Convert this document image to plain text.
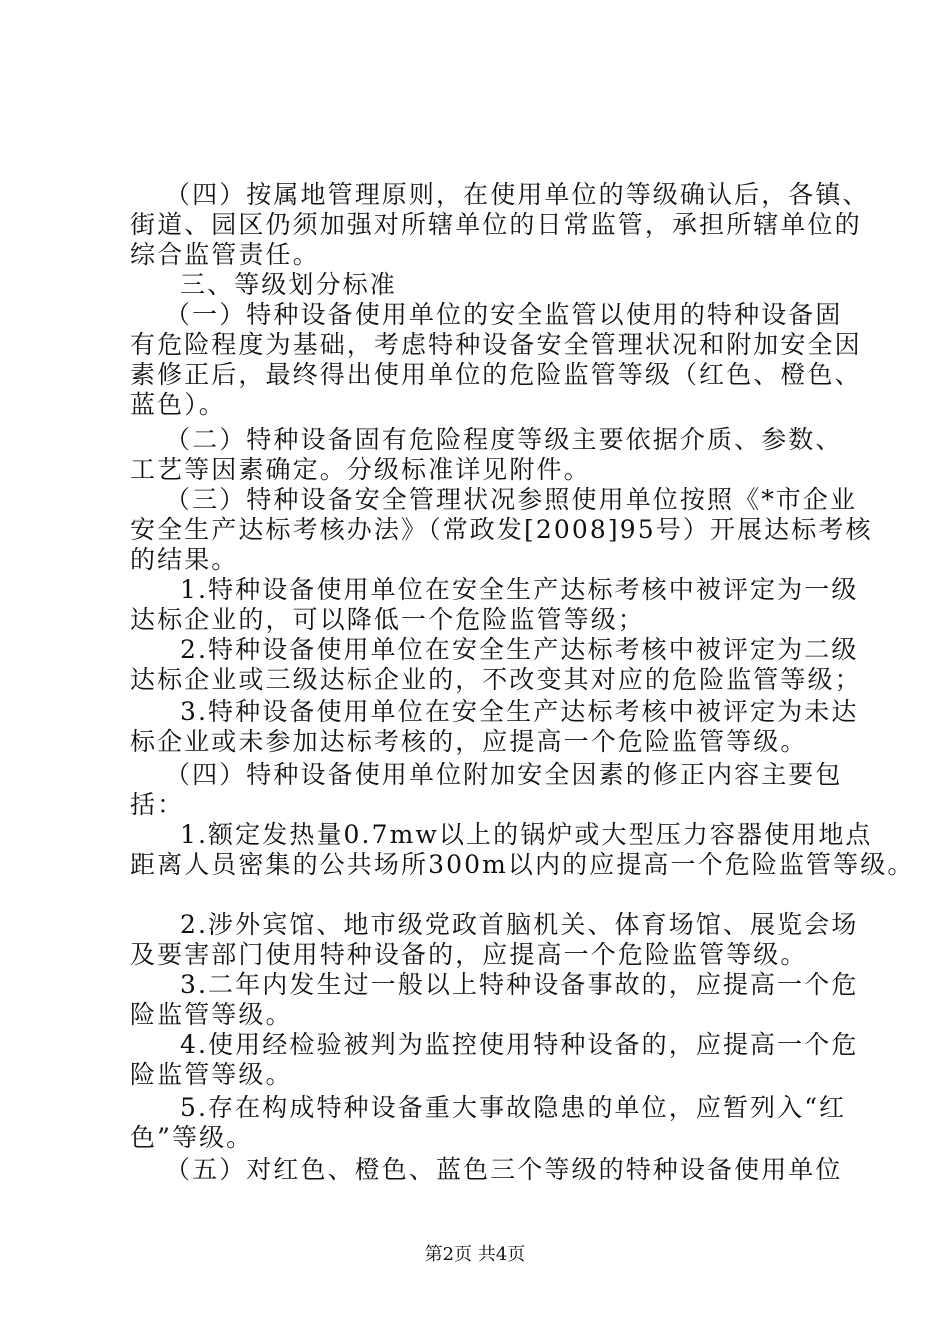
（四）按属地管理原则，在使用单位的等级确认后，各镇、
街道、园区仍须加强对所辖单位的日常监管，承担所辖单位的
综合监管责任。
三、等级划分标准
（一）特种设备使用单位的安全监管以使用的特种设备固
有危险程度为基础，考虑特种设备安全管理状况和附加安全因
素修正后，最终得出使用单位的危险监管等级（红色、橙色、
蓝色）。
（二）特种设备固有危险程度等级主要依据介质、参数、
工艺等因素确定。分级标准详见附件。
（三）特种设备安全管理状况参照使用单位按照《*市企业
安全生产达标考核办法》（常政发[2008]95号）开展达标考核
的结果。
1.特种设备使用单位在安全生产达标考核中被评定为一级
达标企业的，可以降低一个危险监管等级；
2.特种设备使用单位在安全生产达标考核中被评定为二级
达标企业或三级达标企业的，不改变其对应的危险监管等级；
3.特种设备使用单位在安全生产达标考核中被评定为未达
标企业或未参加达标考核的，应提高一个危险监管等级。
（四）特种设备使用单位附加安全因素的修正内容主要包
括：
1.额定发热量0.7mw以上的锅炉或大型压力容器使用地点
距离人员密集的公共场所300m以内的应提高一个危险监管等级。
2.涉外宾馆、地市级党政首脑机关、体育场馆、展览会场
及要害部门使用特种设备的，应提高一个危险监管等级。
3.二年内发生过一般以上特种设备事故的，应提高一个危
险监管等级。
4.使用经检验被判为监控使用特种设备的，应提高一个危
险监管等级。
5.存在构成特种设备重大事故隐患的单位，应暂列入“红
色”等级。
（五）对红色、橙色、蓝色三个等级的特种设备使用单位
第2页 共4页
